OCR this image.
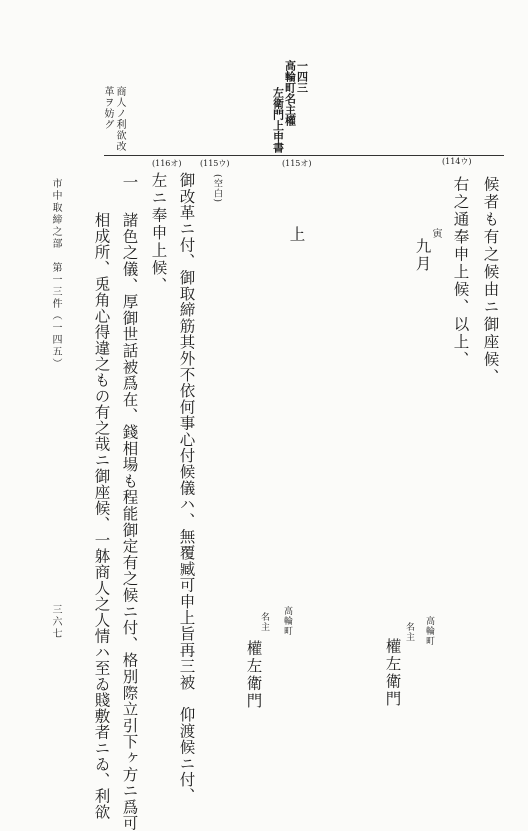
商人ノ利欲改
革ヲ妨グ
一四三
高輪町名主權
左衛門上申書
(114ウ)
(115オ)
(115ウ)
(116オ)
(空白)	候者も有之候由ニ御座候、
右之通奉申上候、以上、
寅
九月
高輪町
名主
權左衛門
上
高輪町
名主
權左衛門
御改革ニ付、御取締筋其外不依何事心付候儀ハ、無覆臧可申上旨再三被　仰渡候ニ付、
左ニ奉申上候、
一
諸色之儀、厚御世話被爲在、錢相場も程能御定有之候ニ付、格別際立引下ヶ方ニ爲可
相成所、兎角心得違之もの有之哉ニ御座候、一躰商人之人情ハ至ゐ賤敷者ニゐ、利欲
市中取締之部　第一三件（一四五）
三六七
